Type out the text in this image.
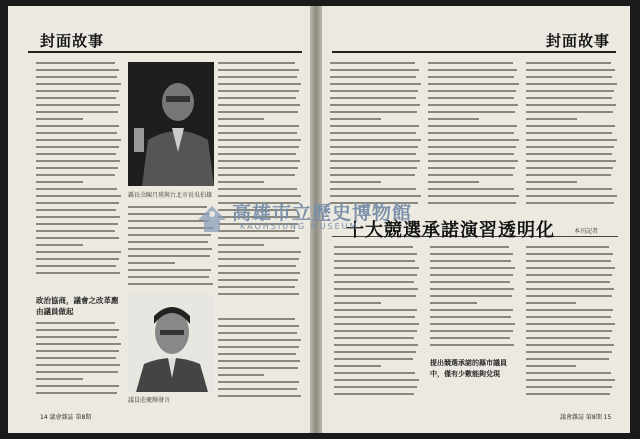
封面故事
縣長余陳月瑛與台北市長吳伯雄
政治協商，議會之改革應由議員做起
議員莊慶輝發言
14 議會雜誌 第8期
封面故事
十大競選承諾演習透明化	本刊記者
提出競選承諾的縣市議員中，僅有少數能夠兌現
議會雜誌 第8期 15
高雄市立歷史博物館
KAOHSIUNG MUSEUM
